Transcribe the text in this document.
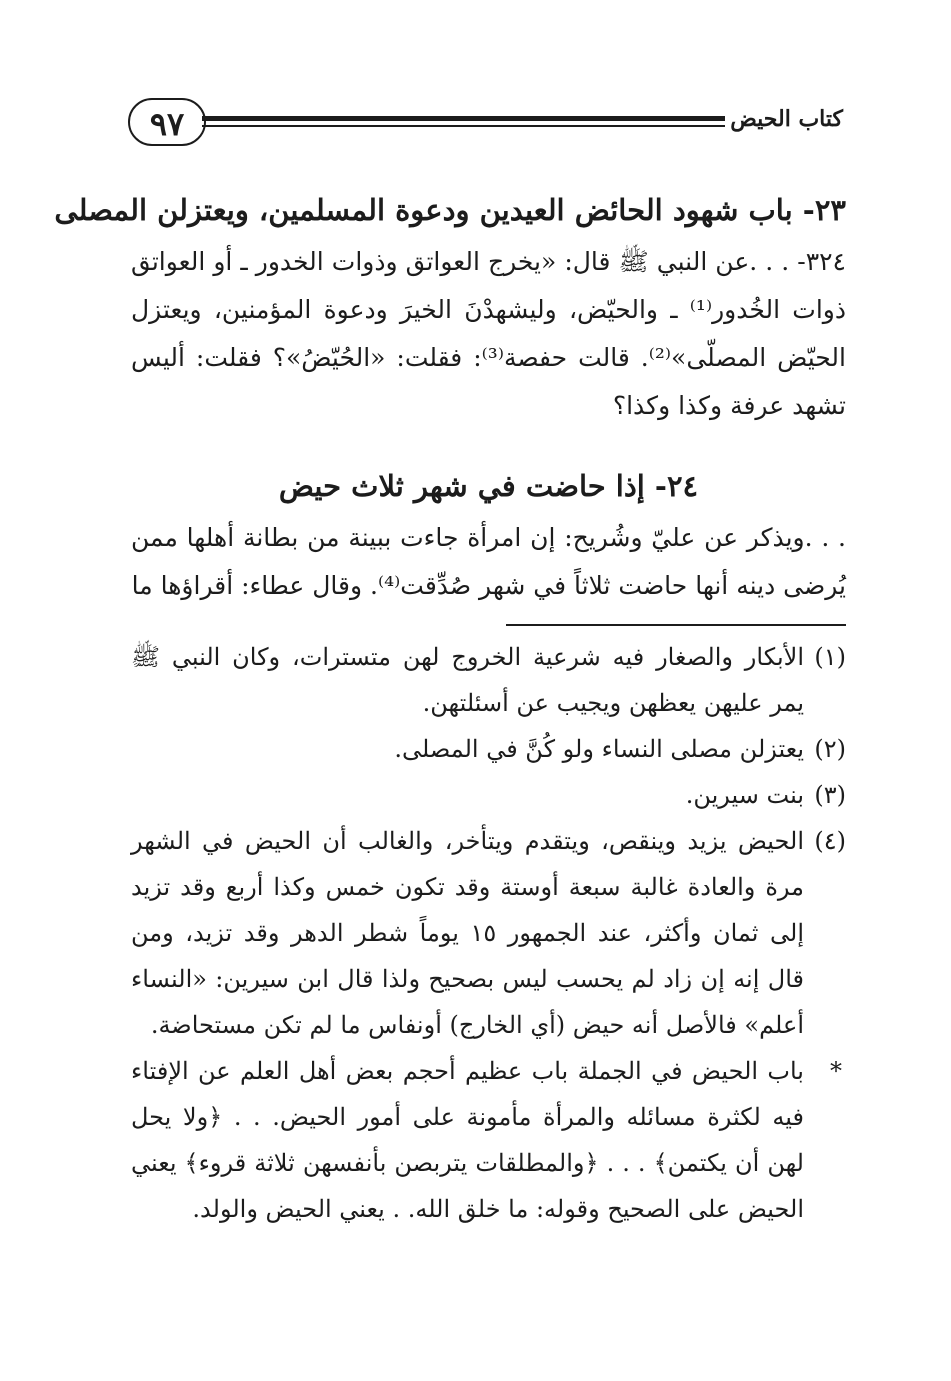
٩٧	كتاب الحيض

٢٣- باب شهود الحائض العيدين ودعوة المسلمين، ويعتزلن المصلى

٣٢٤- . . .عن النبي ﷺ قال: «يخرج العواتق وذوات الخدور ـ أو العواتق ذوات الخُدور⁽¹⁾ ـ والحيّض، وليشهدْنَ الخيرَ ودعوة المؤمنين، ويعتزل الحيّض المصلّى»⁽²⁾. قالت حفصة⁽³⁾: فقلت: «الحُيّضُ»؟ فقلت: أليس تشهد عرفة وكذا وكذا؟

٢٤- إذا حاضت في شهر ثلاث حيض

. . .ويذكر عن عليّ وشُريح: إن امرأة جاءت ببينة من بطانة أهلها ممن يُرضى دينه أنها حاضت ثلاثاً في شهر صُدِّقت⁽⁴⁾. وقال عطاء: أقراؤها ما

(١)
الأبكار والصغار فيه شرعية الخروج لهن متسترات، وكان النبي ﷺ يمر عليهن يعظهن ويجيب عن أسئلتهن.

(٢)
يعتزلن مصلى النساء ولو كُنَّ في المصلى.

(٣)
بنت سيرين.

(٤)
الحيض يزيد وينقص، ويتقدم ويتأخر، والغالب أن الحيض في الشهر مرة والعادة غالبة سبعة أوستة وقد تكون خمس وكذا أربع وقد تزيد إلى ثمان وأكثر، عند الجمهور ١٥ يوماً شطر الدهر وقد تزيد، ومن قال إنه إن زاد لم يحسب ليس بصحيح ولذا قال ابن سيرين: «النساء أعلم» فالأصل أنه حيض (أي الخارج) أونفاس ما لم تكن مستحاضة.

*
باب الحيض في الجملة باب عظيم أحجم بعض أهل العلم عن الإفتاء فيه لكثرة مسائله والمرأة مأمونة على أمور الحيض. . . ﴿ولا يحل لهن أن يكتمن﴾ . . . ﴿والمطلقات يتربصن بأنفسهن ثلاثة قروء﴾ يعني الحيض على الصحيح وقوله: ما خلق الله. . يعني الحيض والولد.
